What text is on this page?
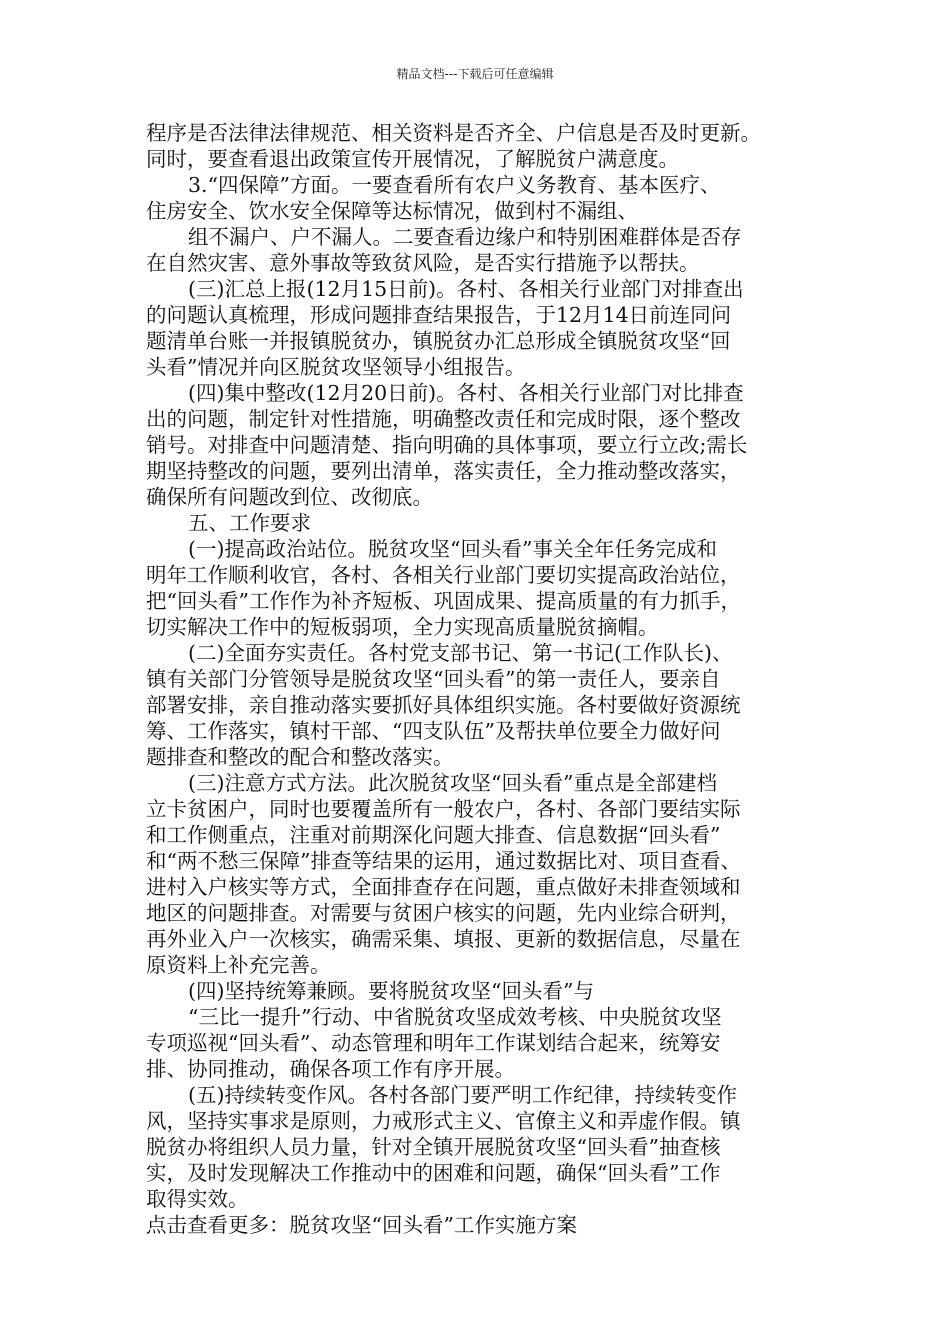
精品文档---下载后可任意编辑
程序是否法律法律规范、相关资料是否齐全、户信息是否及时更新。
同时，要查看退出政策宣传开展情况，了解脱贫户满意度。
3.“四保障”方面。一要查看所有农户义务教育、基本医疗、
住房安全、饮水安全保障等达标情况，做到村不漏组、
组不漏户、户不漏人。二要查看边缘户和特别困难群体是否存
在自然灾害、意外事故等致贫风险，是否实行措施予以帮扶。
(三)汇总上报(12月15日前)。各村、各相关行业部门对排查出
的问题认真梳理，形成问题排查结果报告，于12月14日前连同问
题清单台账一并报镇脱贫办，镇脱贫办汇总形成全镇脱贫攻坚“回
头看”情况并向区脱贫攻坚领导小组报告。
(四)集中整改(12月20日前)。各村、各相关行业部门对比排查
出的问题，制定针对性措施，明确整改责任和完成时限，逐个整改
销号。对排查中问题清楚、指向明确的具体事项，要立行立改;需长
期坚持整改的问题，要列出清单，落实责任，全力推动整改落实，
确保所有问题改到位、改彻底。
五、工作要求
(一)提高政治站位。脱贫攻坚“回头看”事关全年任务完成和
明年工作顺利收官，各村、各相关行业部门要切实提高政治站位，
把“回头看”工作作为补齐短板、巩固成果、提高质量的有力抓手，
切实解决工作中的短板弱项，全力实现高质量脱贫摘帽。
(二)全面夯实责任。各村党支部书记、第一书记(工作队长)、
镇有关部门分管领导是脱贫攻坚“回头看”的第一责任人，要亲自
部署安排，亲自推动落实要抓好具体组织实施。各村要做好资源统
筹、工作落实，镇村干部、“四支队伍”及帮扶单位要全力做好问
题排查和整改的配合和整改落实。
(三)注意方式方法。此次脱贫攻坚“回头看”重点是全部建档
立卡贫困户，同时也要覆盖所有一般农户，各村、各部门要结实际
和工作侧重点，注重对前期深化问题大排查、信息数据“回头看”
和“两不愁三保障”排查等结果的运用，通过数据比对、项目查看、
进村入户核实等方式，全面排查存在问题，重点做好未排查领域和
地区的问题排查。对需要与贫困户核实的问题，先内业综合研判，
再外业入户一次核实，确需采集、填报、更新的数据信息，尽量在
原资料上补充完善。
(四)坚持统筹兼顾。要将脱贫攻坚“回头看”与
“三比一提升”行动、中省脱贫攻坚成效考核、中央脱贫攻坚
专项巡视“回头看”、动态管理和明年工作谋划结合起来，统筹安
排、协同推动，确保各项工作有序开展。
(五)持续转变作风。各村各部门要严明工作纪律，持续转变作
风，坚持实事求是原则，力戒形式主义、官僚主义和弄虚作假。镇
脱贫办将组织人员力量，针对全镇开展脱贫攻坚“回头看”抽查核
实，及时发现解决工作推动中的困难和问题，确保“回头看”工作
取得实效。
点击查看更多：脱贫攻坚“回头看”工作实施方案
